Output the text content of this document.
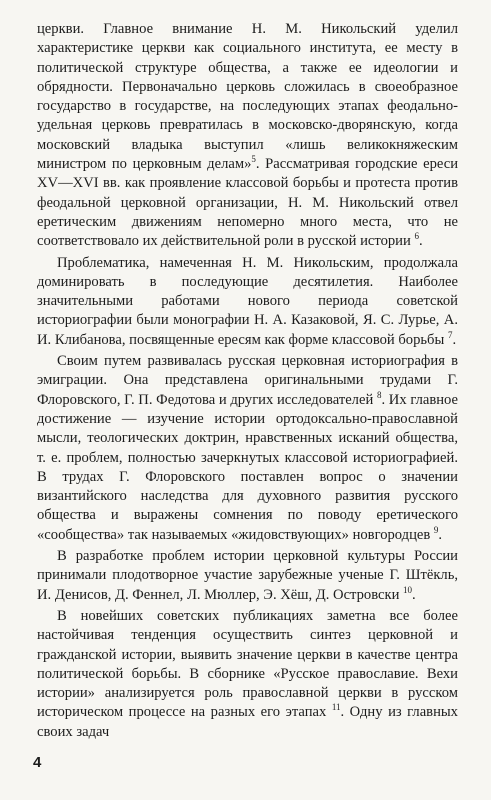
церкви. Главное внимание Н. М. Никольский уделил характеристике церкви как социального института, ее месту в политической структуре общества, а также ее идеологии и обрядности. Первоначально церковь сложилась в своеобразное государство в государстве, на последующих этапах феодально-удельная церковь превратилась в московско-дворянскую, когда московский владыка выступил «лишь великокняжеским министром по церковным делам»$^5$. Рассматривая городские ереси XV—XVI вв. как проявление классовой борьбы и протеста против феодальной церковной организации, Н. М. Никольский отвел еретическим движениям непомерно много места, что не соответствовало их действительной роли в русской истории $^6$.

Проблематика, намеченная Н. М. Никольским, продолжала доминировать в последующие десятилетия. Наиболее значительными работами нового периода советской историографии были монографии Н. А. Казаковой, Я. С. Лурье, А. И. Клибанова, посвященные ересям как форме классовой борьбы $^7$.

Своим путем развивалась русская церковная историография в эмиграции. Она представлена оригинальными трудами Г. Флоровского, Г. П. Федотова и других исследователей $^8$. Их главное достижение — изучение истории ортодоксально-православной мысли, теологических доктрин, нравственных исканий общества, т. е. проблем, полностью зачеркнутых классовой историографией. В трудах Г. Флоровского поставлен вопрос о значении византийского наследства для духовного развития русского общества и выражены сомнения по поводу еретического «сообщества» так называемых «жидовствующих» новгородцев $^9$.

В разработке проблем истории церковной культуры России принимали плодотворное участие зарубежные ученые Г. Штёкль, И. Денисов, Д. Феннел, Л. Мюллер, Э. Хёш, Д. Островски $^{10}$.

В новейших советских публикациях заметна все более настойчивая тенденция осуществить синтез церковной и гражданской истории, выявить значение церкви в качестве центра политической борьбы. В сборнике «Русское православие. Вехи истории» анализируется роль православной церкви в русском историческом процессе на разных его этапах $^{11}$. Одну из главных своих задач

4
